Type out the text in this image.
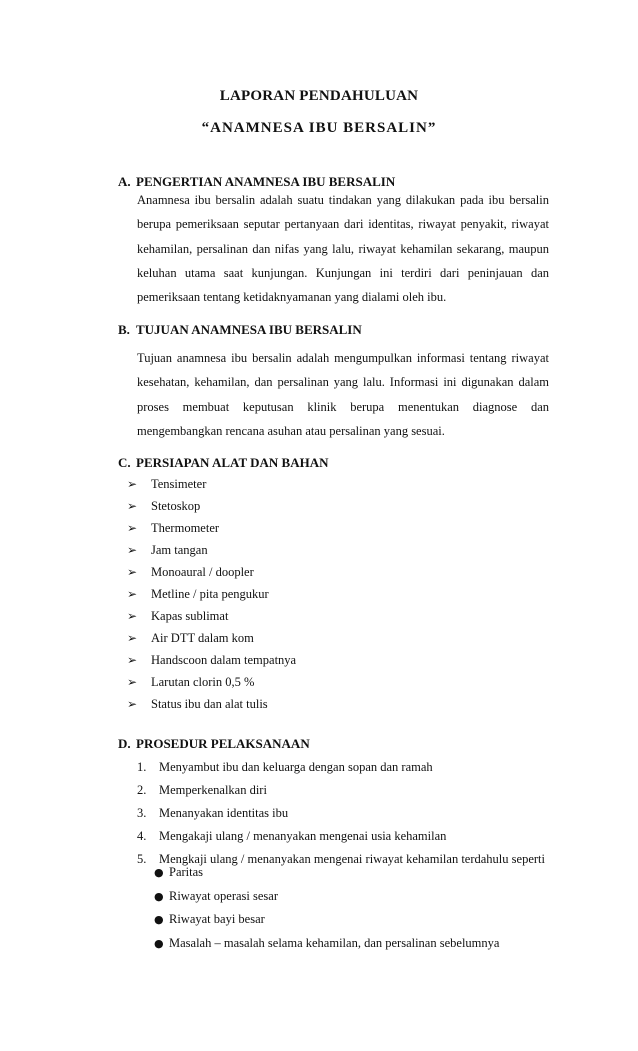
LAPORAN PENDAHULUAN
“ANAMNESA IBU BERSALIN”
A. PENGERTIAN ANAMNESA IBU BERSALIN
Anamnesa ibu bersalin adalah suatu tindakan yang dilakukan pada ibu bersalin berupa pemeriksaan seputar pertanyaan dari identitas, riwayat penyakit, riwayat kehamilan, persalinan dan nifas yang lalu, riwayat kehamilan sekarang, maupun keluhan utama saat kunjungan. Kunjungan ini terdiri dari peninjauan dan pemeriksaan tentang ketidaknyamanan yang dialami oleh ibu.
B. TUJUAN ANAMNESA IBU BERSALIN
Tujuan anamnesa ibu bersalin adalah mengumpulkan informasi tentang riwayat kesehatan, kehamilan, dan persalinan yang lalu. Informasi ini digunakan dalam proses membuat keputusan klinik berupa menentukan diagnose dan mengembangkan rencana asuhan atau persalinan yang sesuai.
C. PERSIAPAN ALAT DAN BAHAN
➢ Tensimeter
➢ Stetoskop
➢ Thermometer
➢ Jam tangan
➢ Monoaural / doopler
➢ Metline / pita pengukur
➢ Kapas sublimat
➢ Air DTT dalam kom
➢ Handscoon dalam tempatnya
➢ Larutan clorin 0,5 %
➢ Status ibu dan alat tulis
D. PROSEDUR PELAKSANAAN
1. Menyambut ibu dan keluarga dengan sopan dan ramah
2. Memperkenalkan diri
3. Menanyakan identitas ibu
4. Mengakaji ulang / menanyakan mengenai usia kehamilan
5. Mengkaji ulang / menanyakan mengenai riwayat kehamilan terdahulu seperti
● Paritas
● Riwayat operasi sesar
● Riwayat bayi besar
● Masalah – masalah selama kehamilan, dan persalinan sebelumnya
